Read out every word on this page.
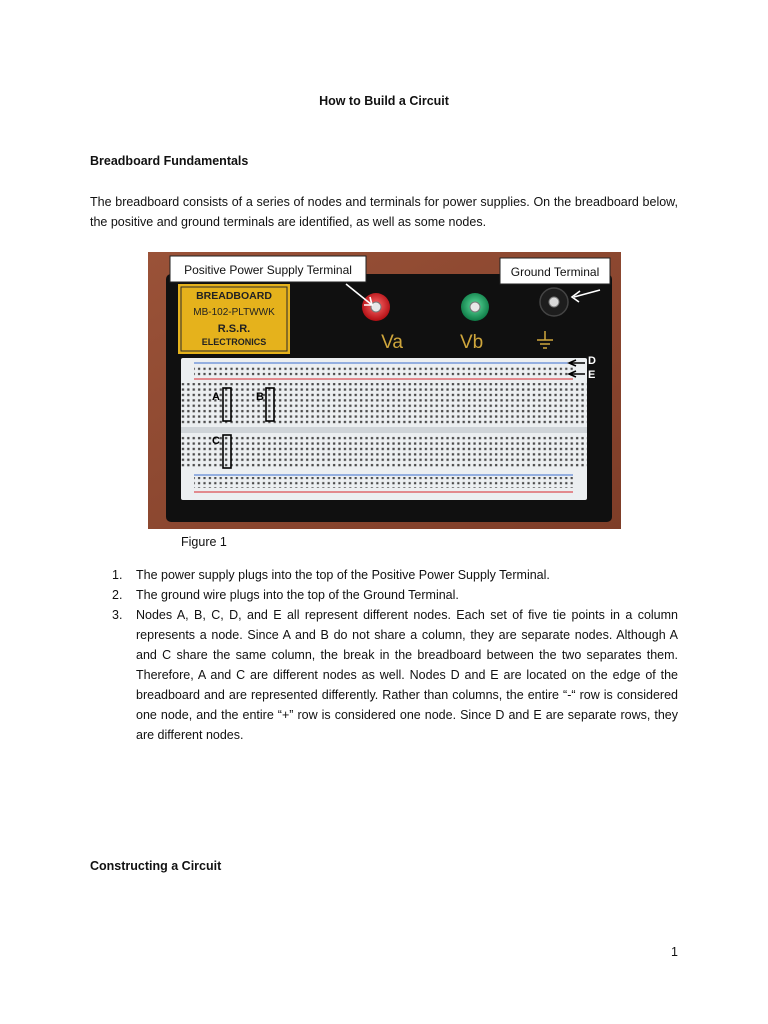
How to Build a Circuit

Breadboard Fundamentals

The breadboard consists of a series of nodes and terminals for power supplies. On the breadboard below, the positive and ground terminals are identified, as well as some nodes.

BREADBOARD
MB-102-PLTWWK
R.S.R.
ELECTRONICS	Va	Vb
Positive Power Supply Terminal	Ground Terminal
A	B
C
D
E

Figure 1

1. The power supply plugs into the top of the Positive Power Supply Terminal.
2. The ground wire plugs into the top of the Ground Terminal.
3. Nodes A, B, C, D, and E all represent different nodes. Each set of five tie points in a column represents a node. Since A and B do not share a column, they are separate nodes. Although A and C share the same column, the break in the breadboard between the two separates them. Therefore, A and C are different nodes as well. Nodes D and E are located on the edge of the breadboard and are represented differently. Rather than columns, the entire “-“ row is considered one node, and the entire “+” row is considered one node. Since D and E are separate rows, they are different nodes.

Constructing a Circuit

1
